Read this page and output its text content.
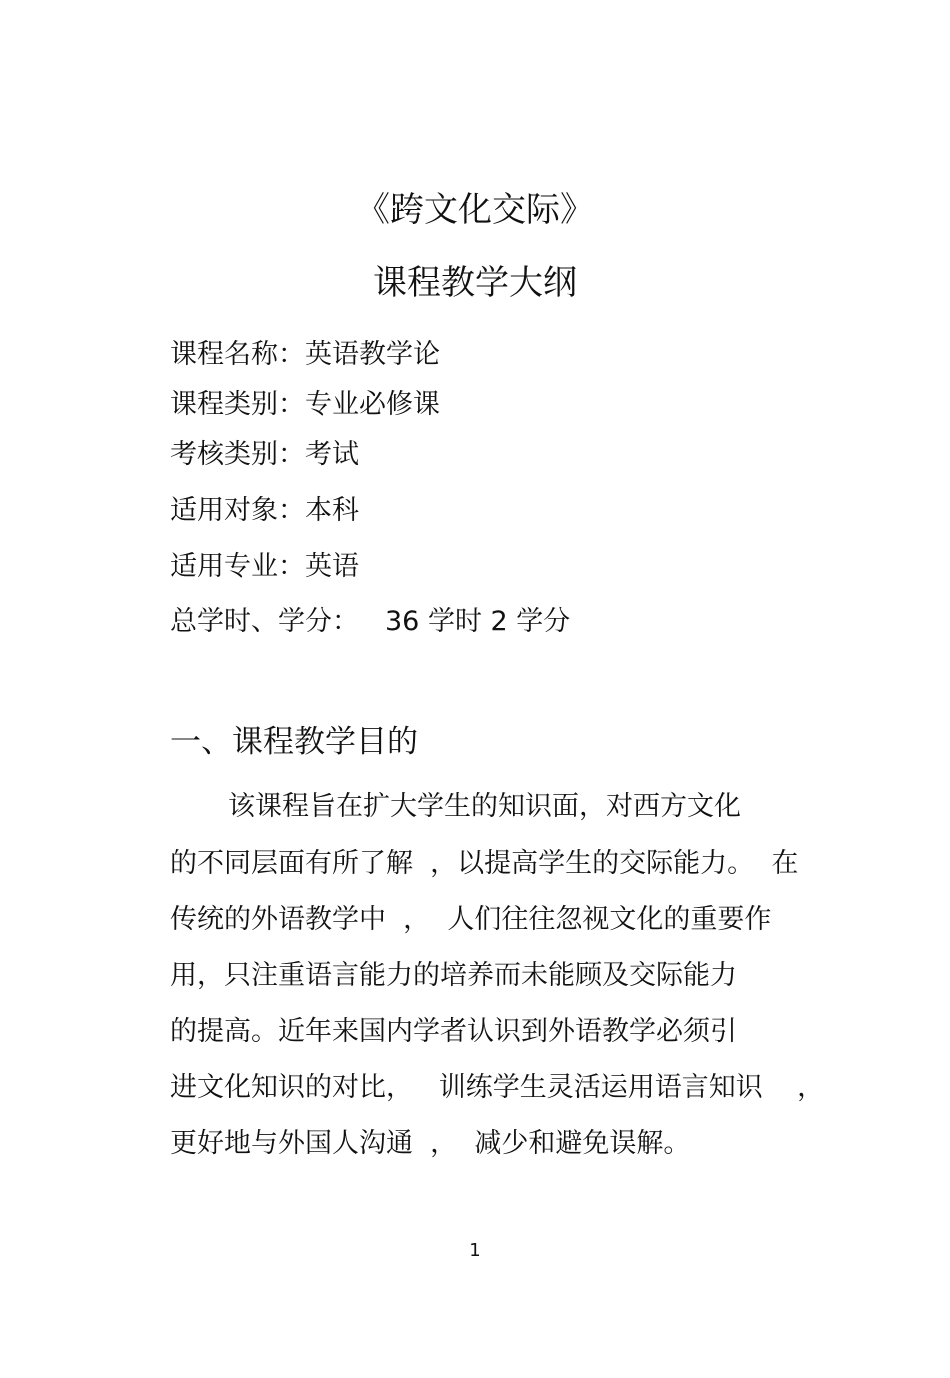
《跨文化交际》
课程教学大纲
课程名称：英语教学论
课程类别：专业必修课
考核类别：考试
适用对象：本科
适用专业：英语
总学时、学分： 36 学时 2 学分
一、课程教学目的
该课程旨在扩大学生的知识面，对西方文化
的不同层面有所了解  ，以提高学生的交际能力。  在
传统的外语教学中  ，  人们往往忽视文化的重要作
用，只注重语言能力的培养而未能顾及交际能力
的提高。近年来国内学者认识到外语教学必须引
进文化知识的对比，   训练学生灵活运用语言知识    ，
更好地与外国人沟通  ，  减少和避免误解。
1
